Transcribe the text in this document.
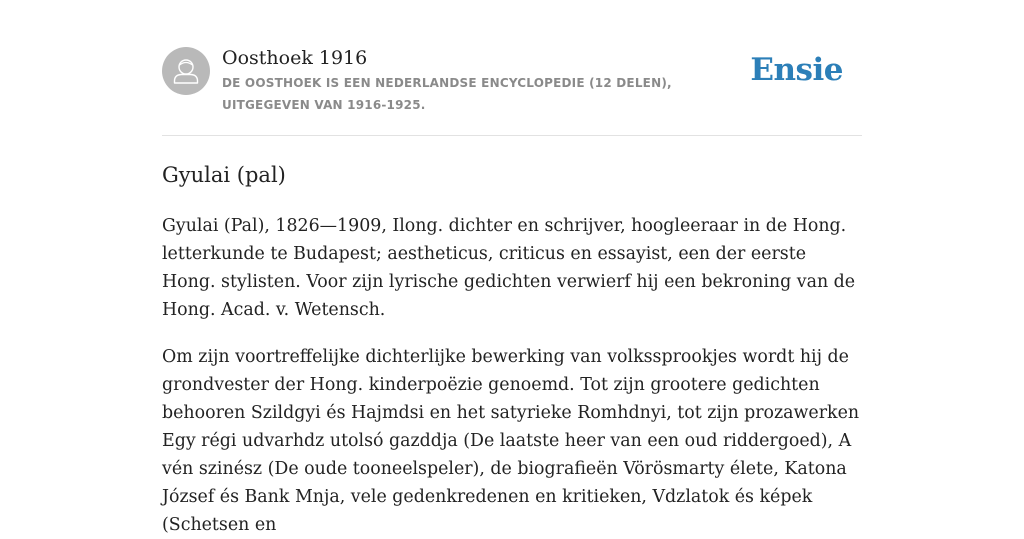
Oosthoek 1916
DE OOSTHOEK IS EEN NEDERLANDSE ENCYCLOPEDIE (12 DELEN), UITGEGEVEN VAN 1916-1925.
Ensie
Gyulai (pal)

Gyulai (Pal), 1826—1909, Ilong. dichter en schrijver, hoogleeraar in de Hong. letterkunde te Budapest; aestheticus, criticus en essayist, een der eerste Hong. stylisten. Voor zijn lyrische gedichten verwierf hij een bekroning van de Hong. Acad. v. Wetensch.

Om zijn voortreffelijke dichterlijke bewerking van volkssprookjes wordt hij de grondvester der Hong. kinderpoëzie genoemd. Tot zijn grootere gedichten behooren Szildgyi és Hajmdsi en het satyrieke Romhdnyi, tot zijn prozawerken Egy régi udvarhdz utolsó gazddja (De laatste heer van een oud riddergoed), A vén szinész (De oude tooneelspeler), de biografieën Vörösmarty élete, Katona József és Bank Mnja, vele gedenkredenen en kritieken, Vdzlatok és képek (Schetsen en
